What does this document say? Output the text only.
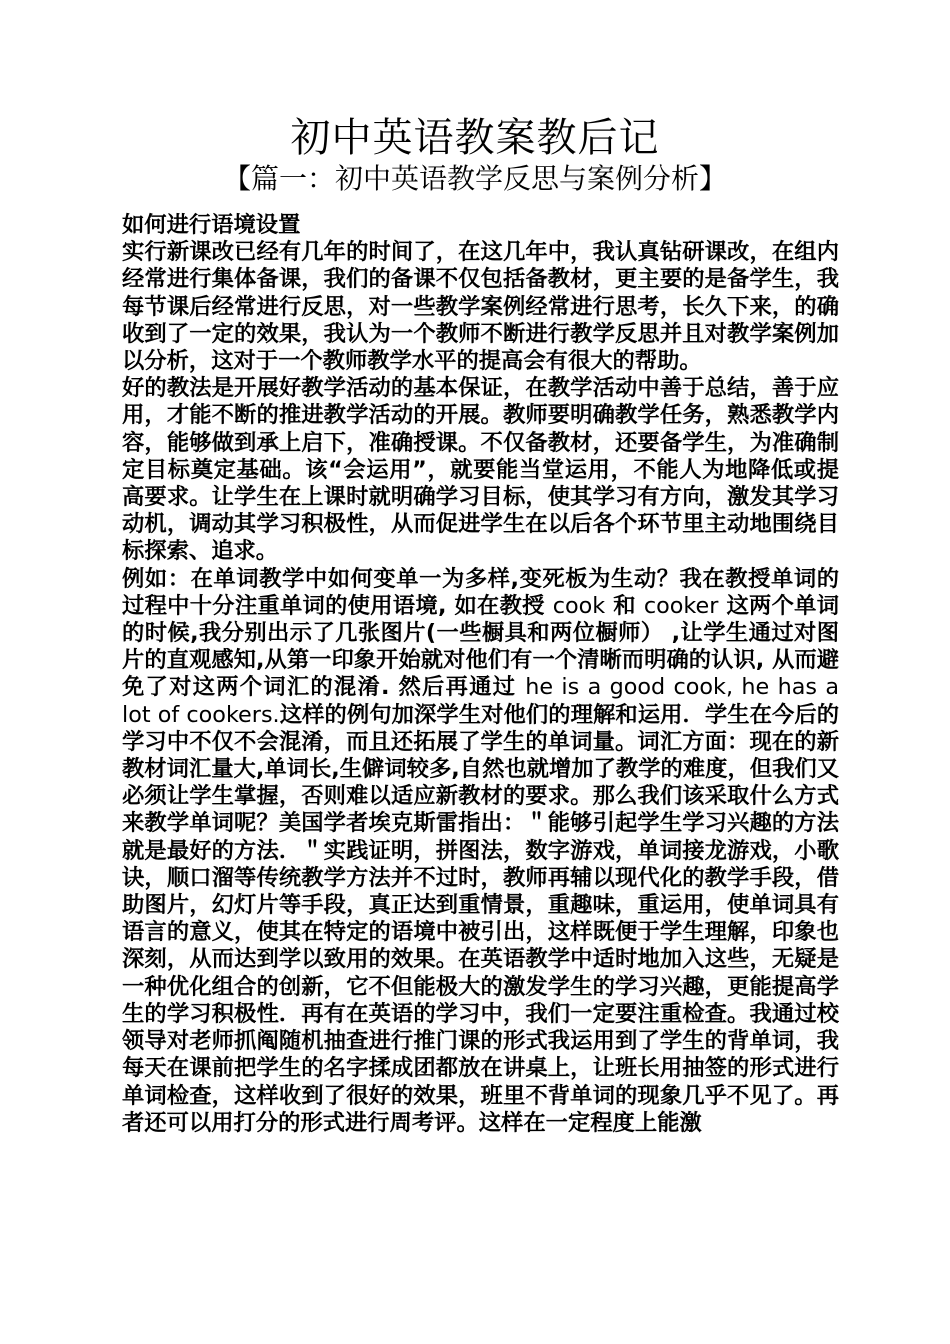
初中英语教案教后记
【篇一：初中英语教学反思与案例分析】

如何进行语境设置

实行新课改已经有几年的时间了，在这几年中，我认真钻研课改，在组内经常进行集体备课，我们的备课不仅包括备教材，更主要的是备学生，我每节课后经常进行反思，对一些教学案例经常进行思考，长久下来，的确收到了一定的效果，我认为一个教师不断进行教学反思并且对教学案例加以分析，这对于一个教师教学水平的提高会有很大的帮助。

好的教法是开展好教学活动的基本保证，在教学活动中善于总结，善于应用，才能不断的推进教学活动的开展。教师要明确教学任务，熟悉教学内容，能够做到承上启下，准确授课。不仅备教材，还要备学生，为准确制定目标奠定基础。该“会运用”，就要能当堂运用，不能人为地降低或提高要求。让学生在上课时就明确学习目标，使其学习有方向，激发其学习动机，调动其学习积极性，从而促进学生在以后各个环节里主动地围绕目标探索、追求。

例如：在单词教学中如何变单一为多样,变死板为生动？我在教授单词的过程中十分注重单词的使用语境, 如在教授 cook 和 cooker 这两个单词的时候,我分别出示了几张图片(一些橱具和两位橱师） ,让学生通过对图片的直观感知,从第一印象开始就对他们有一个清晰而明确的认识, 从而避免了对这两个词汇的混淆. 然后再通过 he is a good cook, he has a lot of cookers.这样的例句加深学生对他们的理解和运用．学生在今后的学习中不仅不会混淆，而且还拓展了学生的单词量。词汇方面：现在的新教材词汇量大,单词长,生僻词较多,自然也就增加了教学的难度，但我们又必须让学生掌握，否则难以适应新教材的要求。那么我们该采取什么方式来教学单词呢？美国学者埃克斯雷指出：＂能够引起学生学习兴趣的方法就是最好的方法．＂实践证明，拼图法，数字游戏，单词接龙游戏，小歌诀，顺口溜等传统教学方法并不过时，教师再辅以现代化的教学手段，借助图片，幻灯片等手段，真正达到重情景，重趣味，重运用，使单词具有语言的意义，使其在特定的语境中被引出，这样既便于学生理解，印象也深刻，从而达到学以致用的效果。在英语教学中适时地加入这些，无疑是一种优化组合的创新，它不但能极大的激发学生的学习兴趣，更能提高学生的学习积极性．再有在英语的学习中，我们一定要注重检查。我通过校领导对老师抓阄随机抽查进行推门课的形式我运用到了学生的背单词，我每天在课前把学生的名字揉成团都放在讲桌上，让班长用抽签的形式进行单词检查，这样收到了很好的效果，班里不背单词的现象几乎不见了。再者还可以用打分的形式进行周考评。这样在一定程度上能激
